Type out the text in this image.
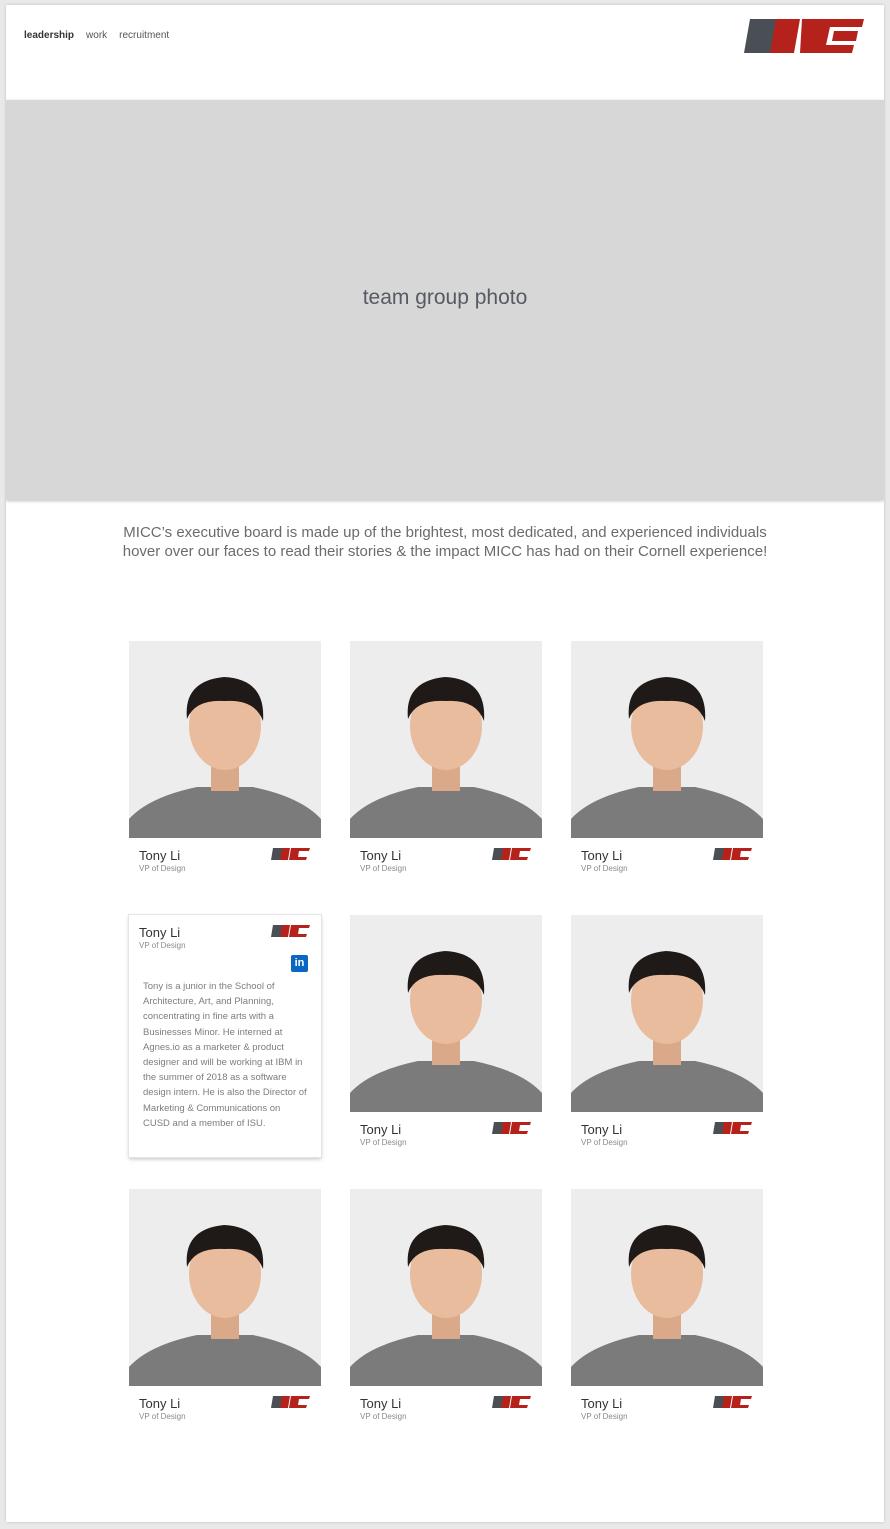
leadership work recruitment
team group photo
MICC’s executive board is made up of the brightest, most dedicated, and experienced individuals
hover over our faces to read their stories & the impact MICC has had on their Cornell experience!
Tony Li
VP of Design
Tony Li
VP of Design
Tony Li
VP of Design
Tony Li
VP of Design
in
Tony is a junior in the School of Architecture, Art, and Planning, concentrating in fine arts with a Businesses Minor. He interned at Agnes.io as a marketer & product designer and will be working at IBM in the summer of 2018 as a software design intern. He is also the Director of Marketing & Communications on CUSD and a member of ISU.	Tony Li
VP of Design
Tony Li
VP of Design
Tony Li
VP of Design
Tony Li
VP of Design
Tony Li
VP of Design
